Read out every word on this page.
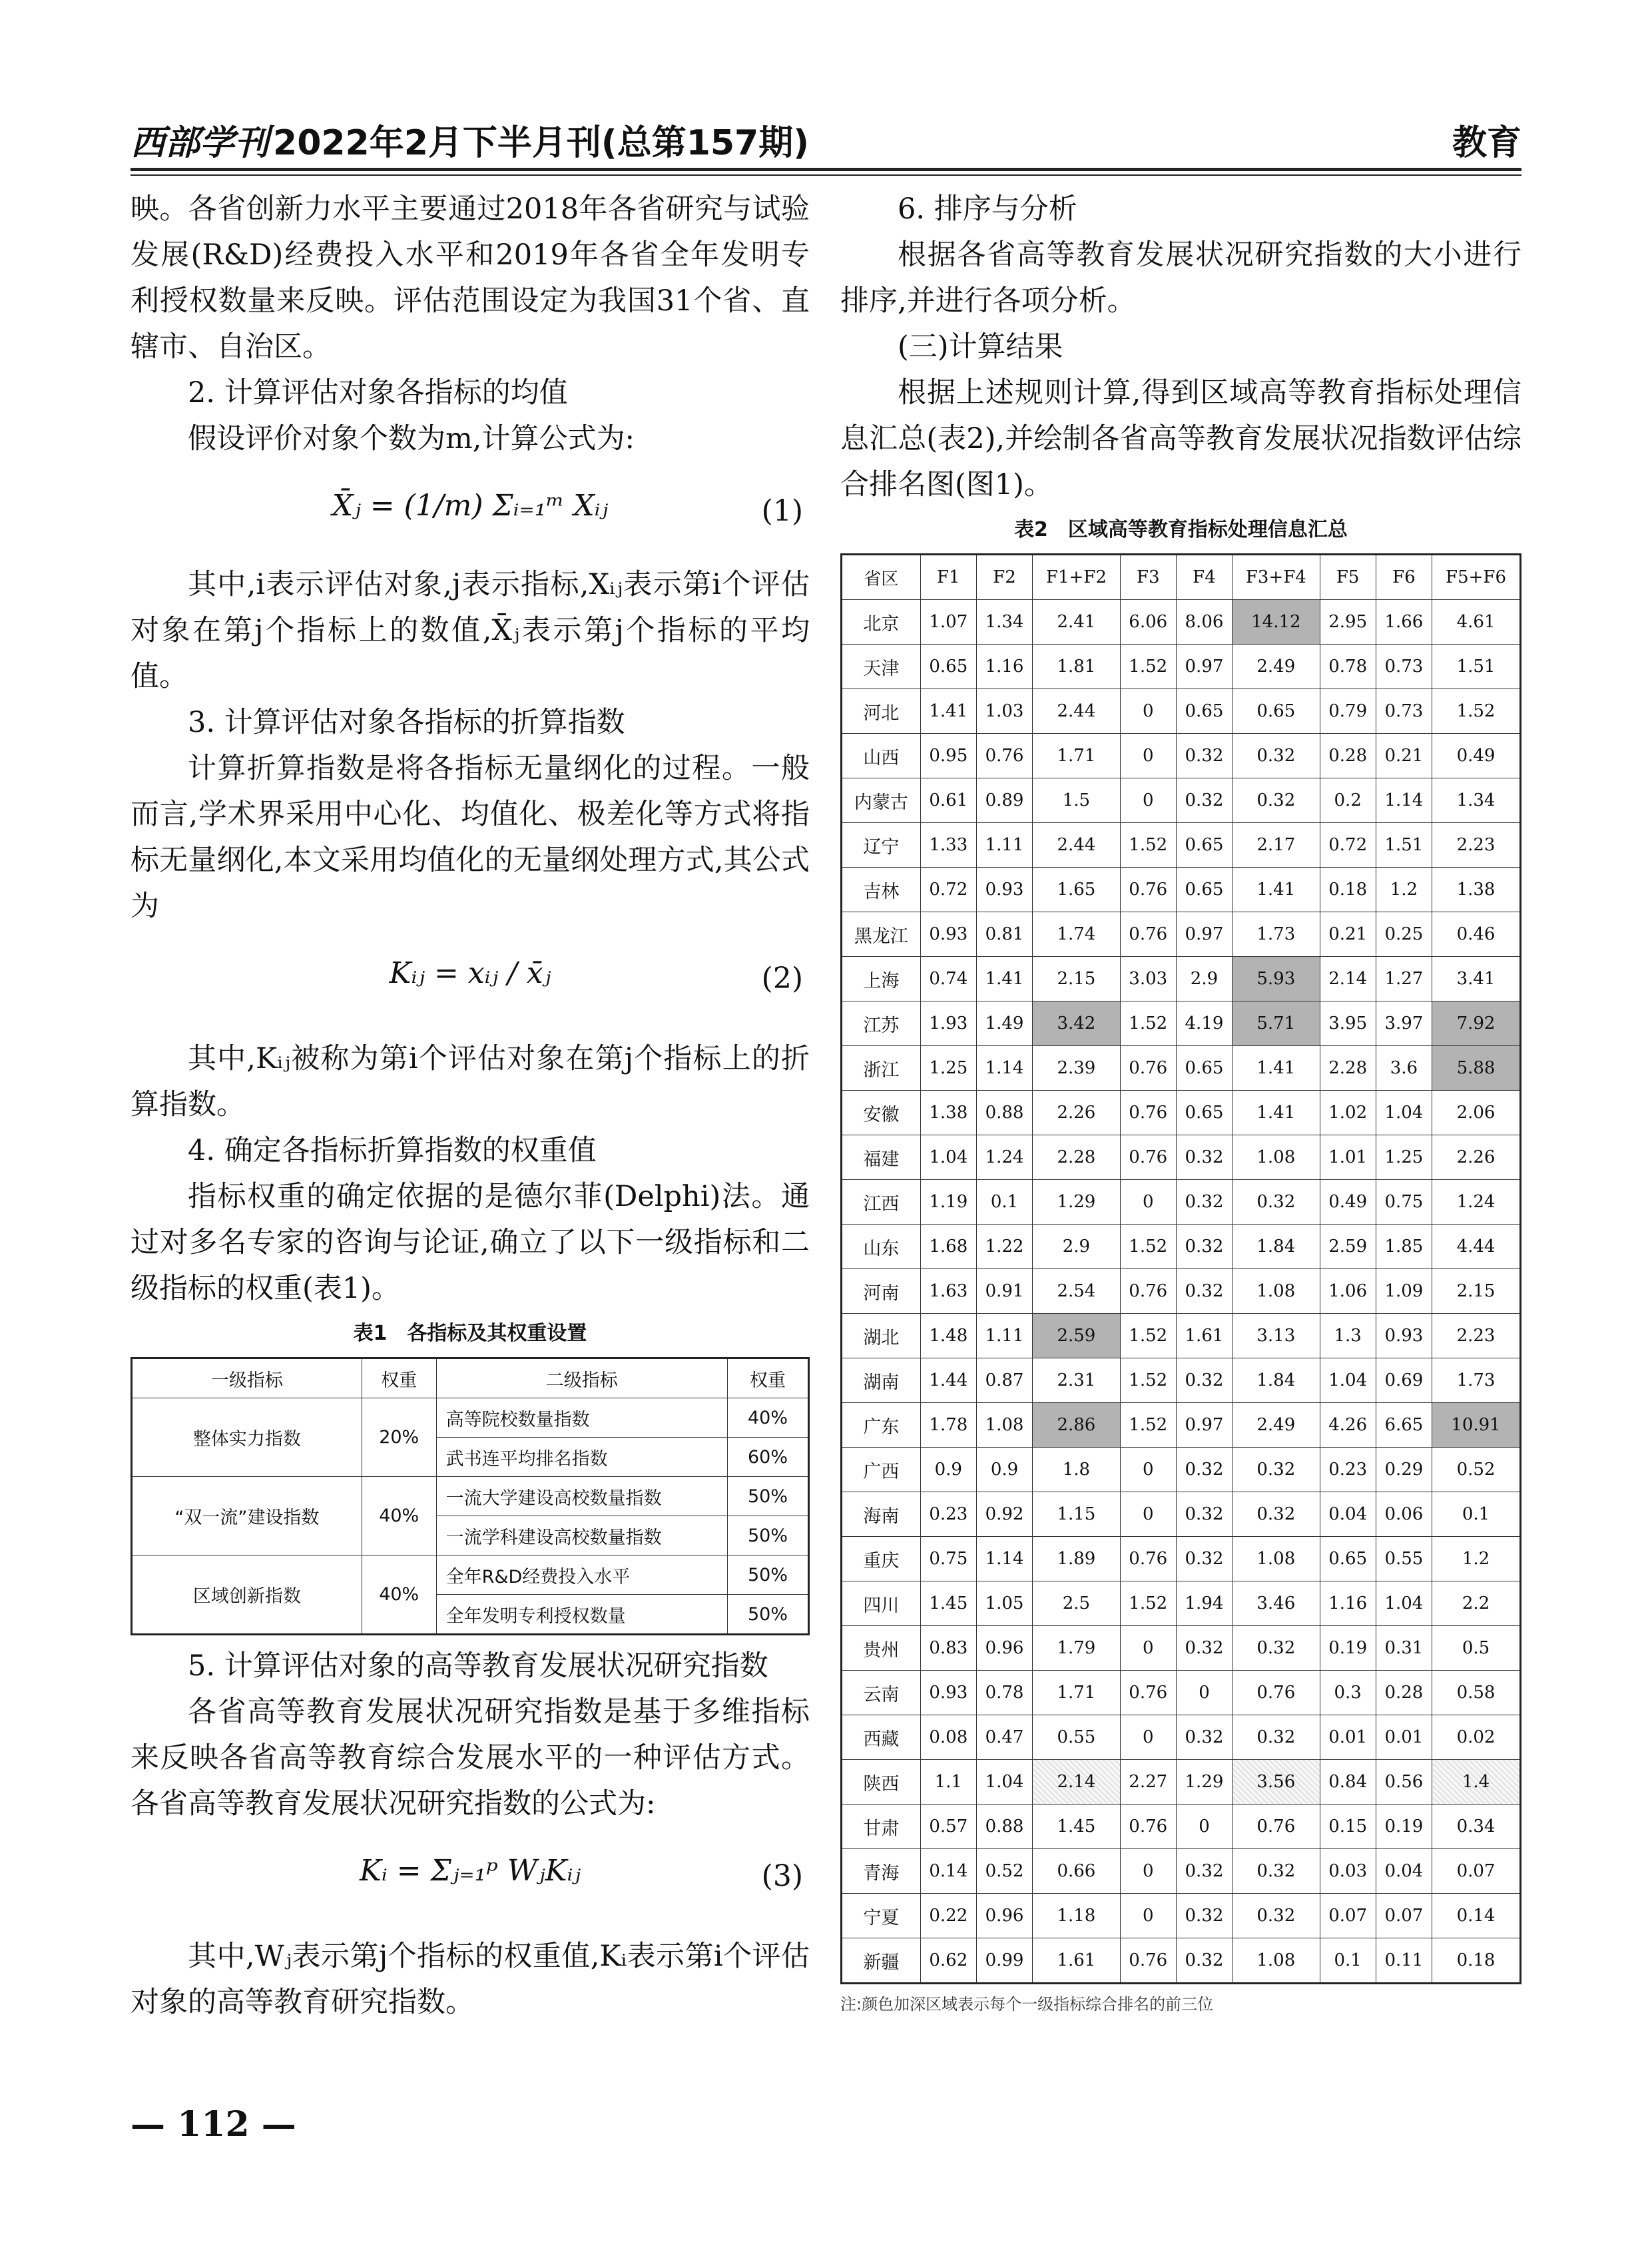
西部学刊 2022年2月下半月刊(总第157期)	教育

映。各省创新力水平主要通过2018年各省研究与试验发展(R&D)经费投入水平和2019年各省全年发明专利授权数量来反映。评估范围设定为我国31个省、直辖市、自治区。

2. 计算评估对象各指标的均值

假设评价对象个数为m,计算公式为:

X̄ⱼ = (1/m) Σᵢ₌₁ᵐ Xᵢⱼ	(1)

其中,i表示评估对象,j表示指标,Xᵢⱼ表示第i个评估对象在第j个指标上的数值,X̄ⱼ表示第j个指标的平均值。

3. 计算评估对象各指标的折算指数

计算折算指数是将各指标无量纲化的过程。一般而言,学术界采用中心化、均值化、极差化等方式将指标无量纲化,本文采用均值化的无量纲处理方式,其公式为

Kᵢⱼ = xᵢⱼ / x̄ⱼ	(2)

其中,Kᵢⱼ被称为第i个评估对象在第j个指标上的折算指数。

4. 确定各指标折算指数的权重值

指标权重的确定依据的是德尔菲(Delphi)法。通过对多名专家的咨询与论证,确立了以下一级指标和二级指标的权重(表1)。

表1　各指标及其权重设置
一级指标	权重	二级指标	权重
整体实力指数	20%	高等院校数量指数	40%
		武书连平均排名指数	60%
“双一流”建设指数	40%	一流大学建设高校数量指数	50%
		一流学科建设高校数量指数	50%
区域创新指数	40%	全年R&D经费投入水平	50%
		全年发明专利授权数量	50%

5. 计算评估对象的高等教育发展状况研究指数

各省高等教育发展状况研究指数是基于多维指标来反映各省高等教育综合发展水平的一种评估方式。各省高等教育发展状况研究指数的公式为:

Kᵢ = Σⱼ₌₁ᵖ WⱼKᵢⱼ	(3)

其中,Wⱼ表示第j个指标的权重值,Kᵢ表示第i个评估对象的高等教育研究指数。

6. 排序与分析

根据各省高等教育发展状况研究指数的大小进行排序,并进行各项分析。

(三)计算结果

根据上述规则计算,得到区域高等教育指标处理信息汇总(表2),并绘制各省高等教育发展状况指数评估综合排名图(图1)。

表2　区域高等教育指标处理信息汇总
省区	F1	F2	F1+F2	F3	F4	F3+F4	F5	F6	F5+F6
北京	1.07	1.34	2.41	6.06	8.06	14.12	2.95	1.66	4.61
天津	0.65	1.16	1.81	1.52	0.97	2.49	0.78	0.73	1.51
河北	1.41	1.03	2.44	0	0.65	0.65	0.79	0.73	1.52
山西	0.95	0.76	1.71	0	0.32	0.32	0.28	0.21	0.49
内蒙古	0.61	0.89	1.5	0	0.32	0.32	0.2	1.14	1.34
辽宁	1.33	1.11	2.44	1.52	0.65	2.17	0.72	1.51	2.23
吉林	0.72	0.93	1.65	0.76	0.65	1.41	0.18	1.2	1.38
黑龙江	0.93	0.81	1.74	0.76	0.97	1.73	0.21	0.25	0.46
上海	0.74	1.41	2.15	3.03	2.9	5.93	2.14	1.27	3.41
江苏	1.93	1.49	3.42	1.52	4.19	5.71	3.95	3.97	7.92
浙江	1.25	1.14	2.39	0.76	0.65	1.41	2.28	3.6	5.88
安徽	1.38	0.88	2.26	0.76	0.65	1.41	1.02	1.04	2.06
福建	1.04	1.24	2.28	0.76	0.32	1.08	1.01	1.25	2.26
江西	1.19	0.1	1.29	0	0.32	0.32	0.49	0.75	1.24
山东	1.68	1.22	2.9	1.52	0.32	1.84	2.59	1.85	4.44
河南	1.63	0.91	2.54	0.76	0.32	1.08	1.06	1.09	2.15
湖北	1.48	1.11	2.59	1.52	1.61	3.13	1.3	0.93	2.23
湖南	1.44	0.87	2.31	1.52	0.32	1.84	1.04	0.69	1.73
广东	1.78	1.08	2.86	1.52	0.97	2.49	4.26	6.65	10.91
广西	0.9	0.9	1.8	0	0.32	0.32	0.23	0.29	0.52
海南	0.23	0.92	1.15	0	0.32	0.32	0.04	0.06	0.1
重庆	0.75	1.14	1.89	0.76	0.32	1.08	0.65	0.55	1.2
四川	1.45	1.05	2.5	1.52	1.94	3.46	1.16	1.04	2.2
贵州	0.83	0.96	1.79	0	0.32	0.32	0.19	0.31	0.5
云南	0.93	0.78	1.71	0.76	0	0.76	0.3	0.28	0.58
西藏	0.08	0.47	0.55	0	0.32	0.32	0.01	0.01	0.02
陕西	1.1	1.04	2.14	2.27	1.29	3.56	0.84	0.56	1.4
甘肃	0.57	0.88	1.45	0.76	0	0.76	0.15	0.19	0.34
青海	0.14	0.52	0.66	0	0.32	0.32	0.03	0.04	0.07
宁夏	0.22	0.96	1.18	0	0.32	0.32	0.07	0.07	0.14
新疆	0.62	0.99	1.61	0.76	0.32	1.08	0.1	0.11	0.18
注:颜色加深区域表示每个一级指标综合排名的前三位
— 112 —
